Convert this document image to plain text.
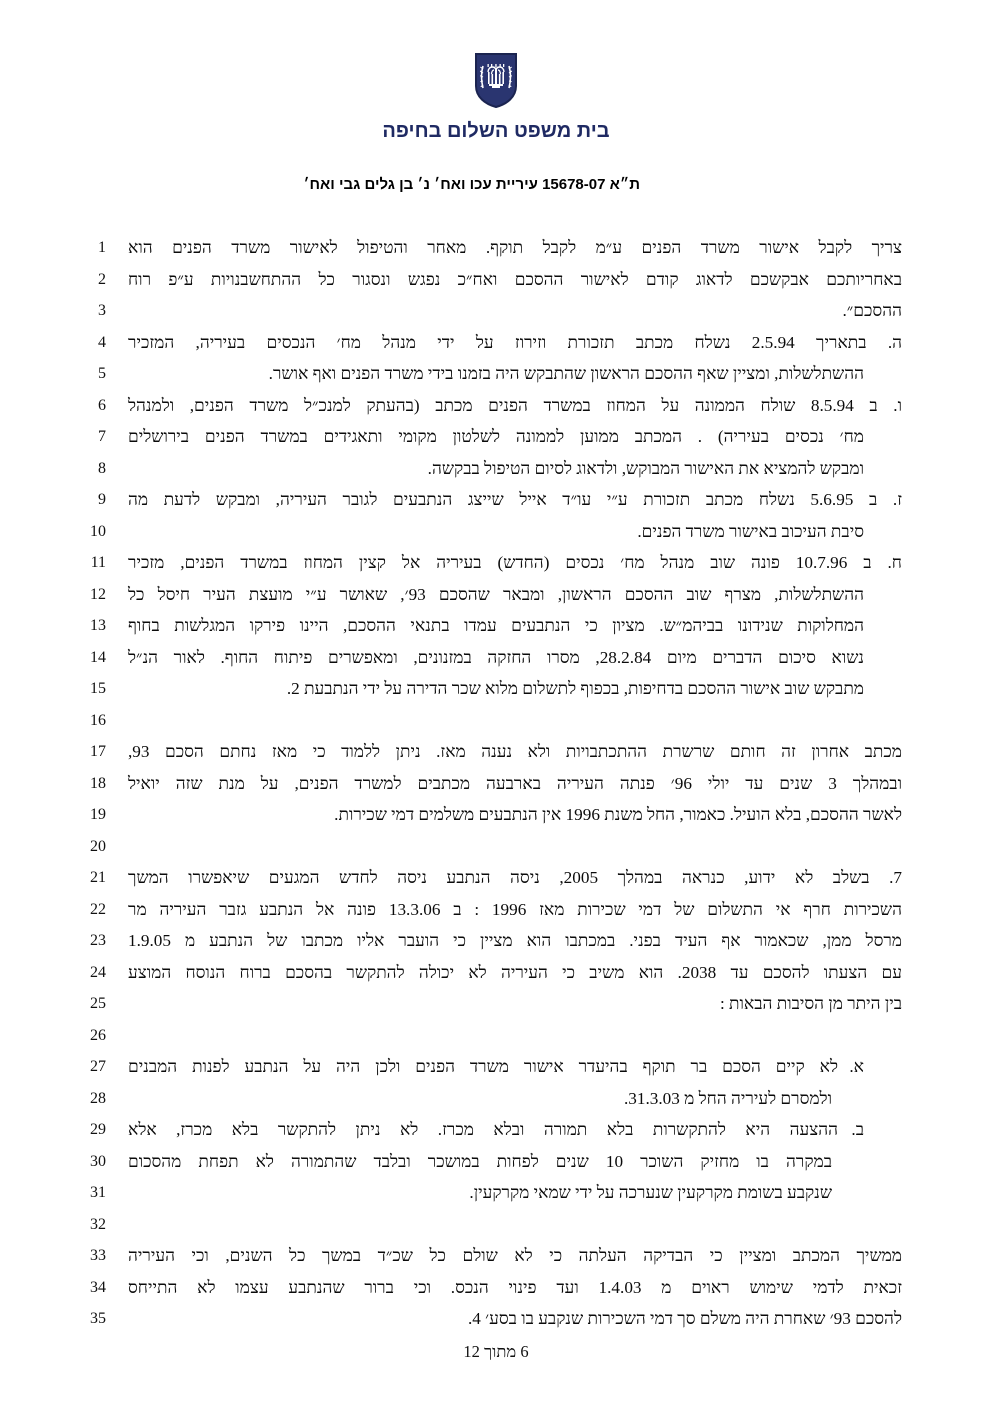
בית משפט השלום בחיפה
ת״א 15678-07 עיריית עכו ואח׳ נ׳ בן גלים גבי ואח׳
1 צריך לקבל אישור משרד הפנים ע״מ לקבל תוקף. מאחר והטיפול לאישור משרד הפנים הוא
2 באחריותכם אבקשכם לדאוג קודם לאישור ההסכם ואח״כ נפגש ונסגור כל ההתחשבנויות ע״פ רוח
3	ההסכם״.
4 ה. בתאריך 2.5.94 נשלח מכתב תזכורת וזירוז על ידי מנהל מח׳ הנכסים בעיריה, המזכיר
5	ההשתלשלות, ומציין שאף ההסכם הראשון שהתבקש היה בזמנו בידי משרד הפנים ואף אושר.
6 ו. ב 8.5.94 שולח הממונה על המחוז במשרד הפנים מכתב (בהעתק למנכ״ל משרד הפנים, ולמנהל
7 מח׳ נכסים בעיריה) . המכתב ממוען לממונה לשלטון מקומי ותאגידים במשרד הפנים בירושלים
8	ומבקש להמציא את האישור המבוקש, ולדאוג לסיום הטיפול בבקשה.
9 ז. ב 5.6.95 נשלח מכתב תזכורת ע״י עו״ד אייל שייצג הנתבעים לגובר העיריה, ומבקש לדעת מה
10	סיבת העיכוב באישור משרד הפנים.
11 ח. ב 10.7.96 פונה שוב מנהל מח׳ נכסים (החדש) בעיריה אל קצין המחוז במשרד הפנים, מזכיר
12 ההשתלשלות, מצרף שוב ההסכם הראשון, ומבאר שהסכם 93׳, שאושר ע״י מועצת העיר חיסל כל
13 המחלוקות שנידונו בביהמ״ש. מציון כי הנתבעים עמדו בתנאי ההסכם, היינו פירקו המגלשות בחוף
14 נשוא סיכום הדברים מיום 28.2.84, מסרו החזקה במזנונים, ומאפשרים פיתוח החוף. לאור הנ״ל
15	מתבקש שוב אישור ההסכם בדחיפות, בכפוף לתשלום מלוא שכר הדירה על ידי הנתבעת 2.
16
17 מכתב אחרון זה חותם שרשרת ההתכתבויות ולא נענה מאז. ניתן ללמוד כי מאז נחתם הסכם 93,
18 ובמהלך 3 שנים עד יולי 96׳ פנתה העיריה בארבעה מכתבים למשרד הפנים, על מנת שזה יואיל
19	לאשר ההסכם, בלא הועיל. כאמור, החל משנת 1996 אין הנתבעים משלמים דמי שכירות.
20
21 7. בשלב לא ידוע, כנראה במהלך 2005, ניסה הנתבע ניסה לחדש המגעים שיאפשרו המשך
22 השכירות חרף אי התשלום של דמי שכירות מאז 1996 : ב 13.3.06 פונה אל הנתבע גזבר העיריה מר
23 מרסל ממן, שכאמור אף העיד בפני. במכתבו הוא מציין כי הועבר אליו מכתבו של הנתבע מ 1.9.05
24 עם הצעתו להסכם עד 2038. הוא משיב כי העיריה לא יכולה להתקשר בהסכם ברוח הנוסח המוצע
25	בין היתר מן הסיבות הבאות :
26
27	א.לא קיים הסכם בר תוקף בהיעדר אישור משרד הפנים ולכן היה על הנתבע לפנות המבנים
28	ולמסרם לעיריה החל מ 31.3.03.
29	ב.ההצעה היא להתקשרות בלא תמורה ובלא מכרז. לא ניתן להתקשר בלא מכרז, אלא
30 במקרה בו מחזיק השוכר 10 שנים לפחות במושכר ובלבד שהתמורה לא תפחת מהסכום
31	שנקבע בשומת מקרקעין שנערכה על ידי שמאי מקרקעין.
32
33 ממשיך המכתב ומציין כי הבדיקה העלתה כי לא שולם כל שכ״ד במשך כל השנים, וכי העיריה
34 זכאית לדמי שימוש ראוים מ 1.4.03 ועד פינוי הנכס. וכי ברור שהנתבע עצמו לא התייחס
35	להסכם 93׳ שאחרת היה משלם סך דמי השכירות שנקבע בו בסע׳ 4.
6 מתוך 12
